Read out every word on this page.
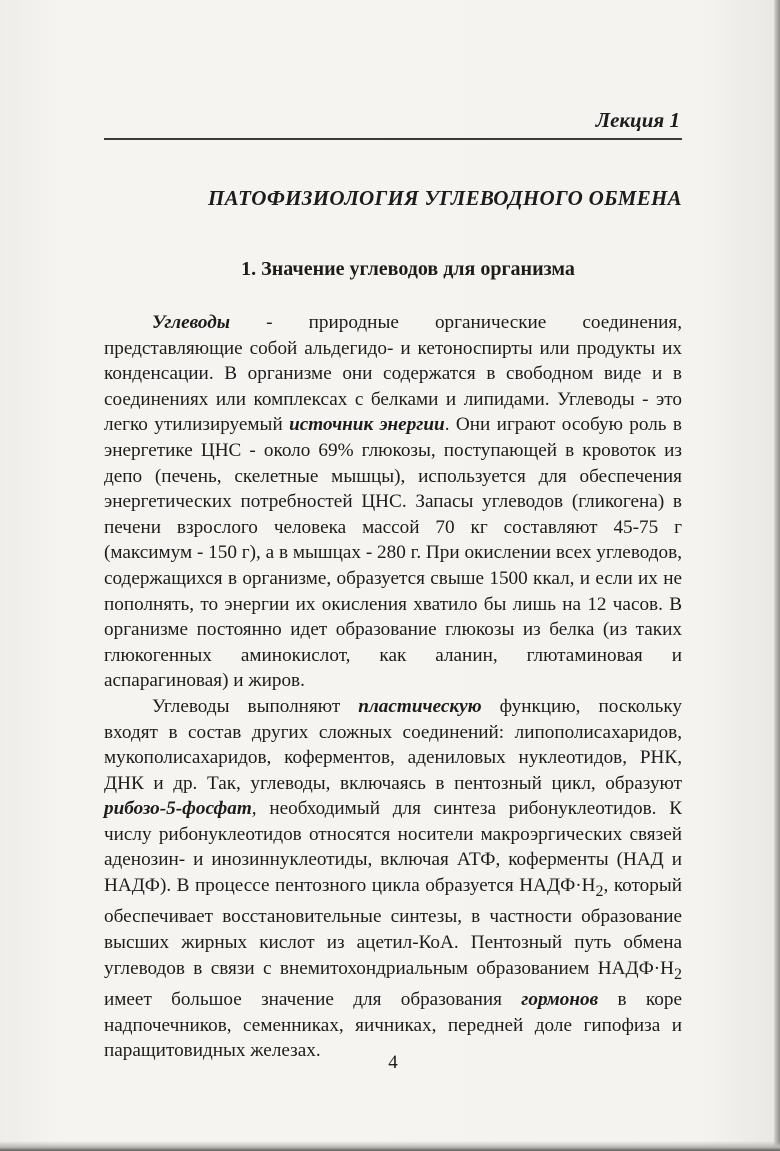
Лекция 1
ПАТОФИЗИОЛОГИЯ УГЛЕВОДНОГО ОБМЕНА
1. Значение углеводов для организма

Углеводы - природные органические соединения, представляющие собой альдегидо- и кетоноспирты или продукты их конденсации. В организме они содержатся в свободном виде и в соединениях или комплексах с белками и липидами. Углеводы - это легко утилизируемый источник энергии. Они играют особую роль в энергетике ЦНС - около 69% глюкозы, поступающей в кровоток из депо (печень, скелетные мышцы), используется для обеспечения энергетических потребностей ЦНС. Запасы углеводов (гликогена) в печени взрослого человека массой 70 кг составляют 45-75 г (максимум - 150 г), а в мышцах - 280 г. При окислении всех углеводов, содержащихся в организме, образуется свыше 1500 ккал, и если их не пополнять, то энергии их окисления хватило бы лишь на 12 часов. В организме постоянно идет образование глюкозы из белка (из таких глюкогенных аминокислот, как аланин, глютаминовая и аспарагиновая) и жиров.

Углеводы выполняют пластическую функцию, поскольку входят в состав других сложных соединений: липополисахаридов, мукополисахаридов, коферментов, адениловых нуклеотидов, РНК, ДНК и др. Так, углеводы, включаясь в пентозный цикл, образуют рибозо-5-фосфат, необходимый для синтеза рибонуклеотидов. К числу рибонуклеотидов относятся носители макроэргических связей аденозин- и инозиннуклеотиды, включая АТФ, коферменты (НАД и НАДФ). В процессе пентозного цикла образуется $НАДФ\cdot Н_2$, который обеспечивает восстановительные синтезы, в частности образование высших жирных кислот из ацетил-КоА. Пентозный путь обмена углеводов в связи с внемитохондриальным образованием $НАДФ\cdot Н_2$ имеет большое значение для образования гормонов в коре надпочечников, семенниках, яичниках, передней доле гипофиза и паращитовидных железах.

4
